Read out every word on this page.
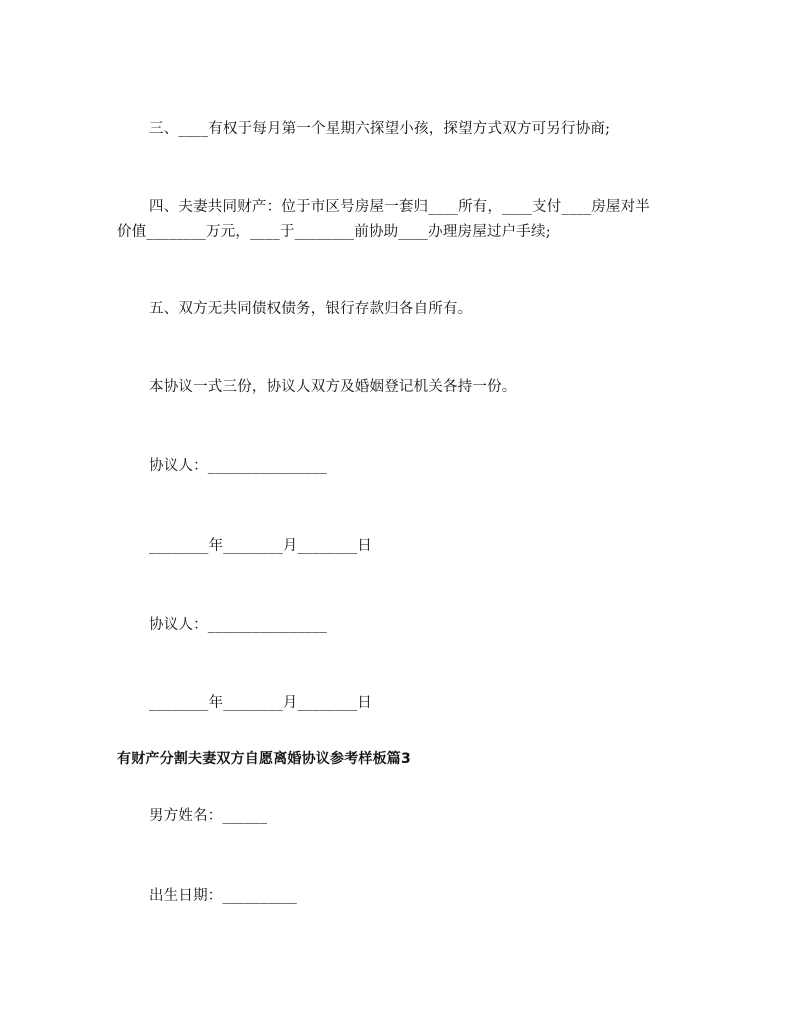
三、____有权于每月第一个星期六探望小孩，探望方式双方可另行协商;
四、夫妻共同财产：位于市区号房屋一套归____所有，____支付____房屋对半
价值________万元，____于________前协助____办理房屋过户手续;
五、双方无共同债权债务，银行存款归各自所有。
本协议一式三份，协议人双方及婚姻登记机关各持一份。
协议人：________________
________年________月________日
协议人：________________
________年________月________日
有财产分割夫妻双方自愿离婚协议参考样板篇3
男方姓名：______
出生日期：__________
